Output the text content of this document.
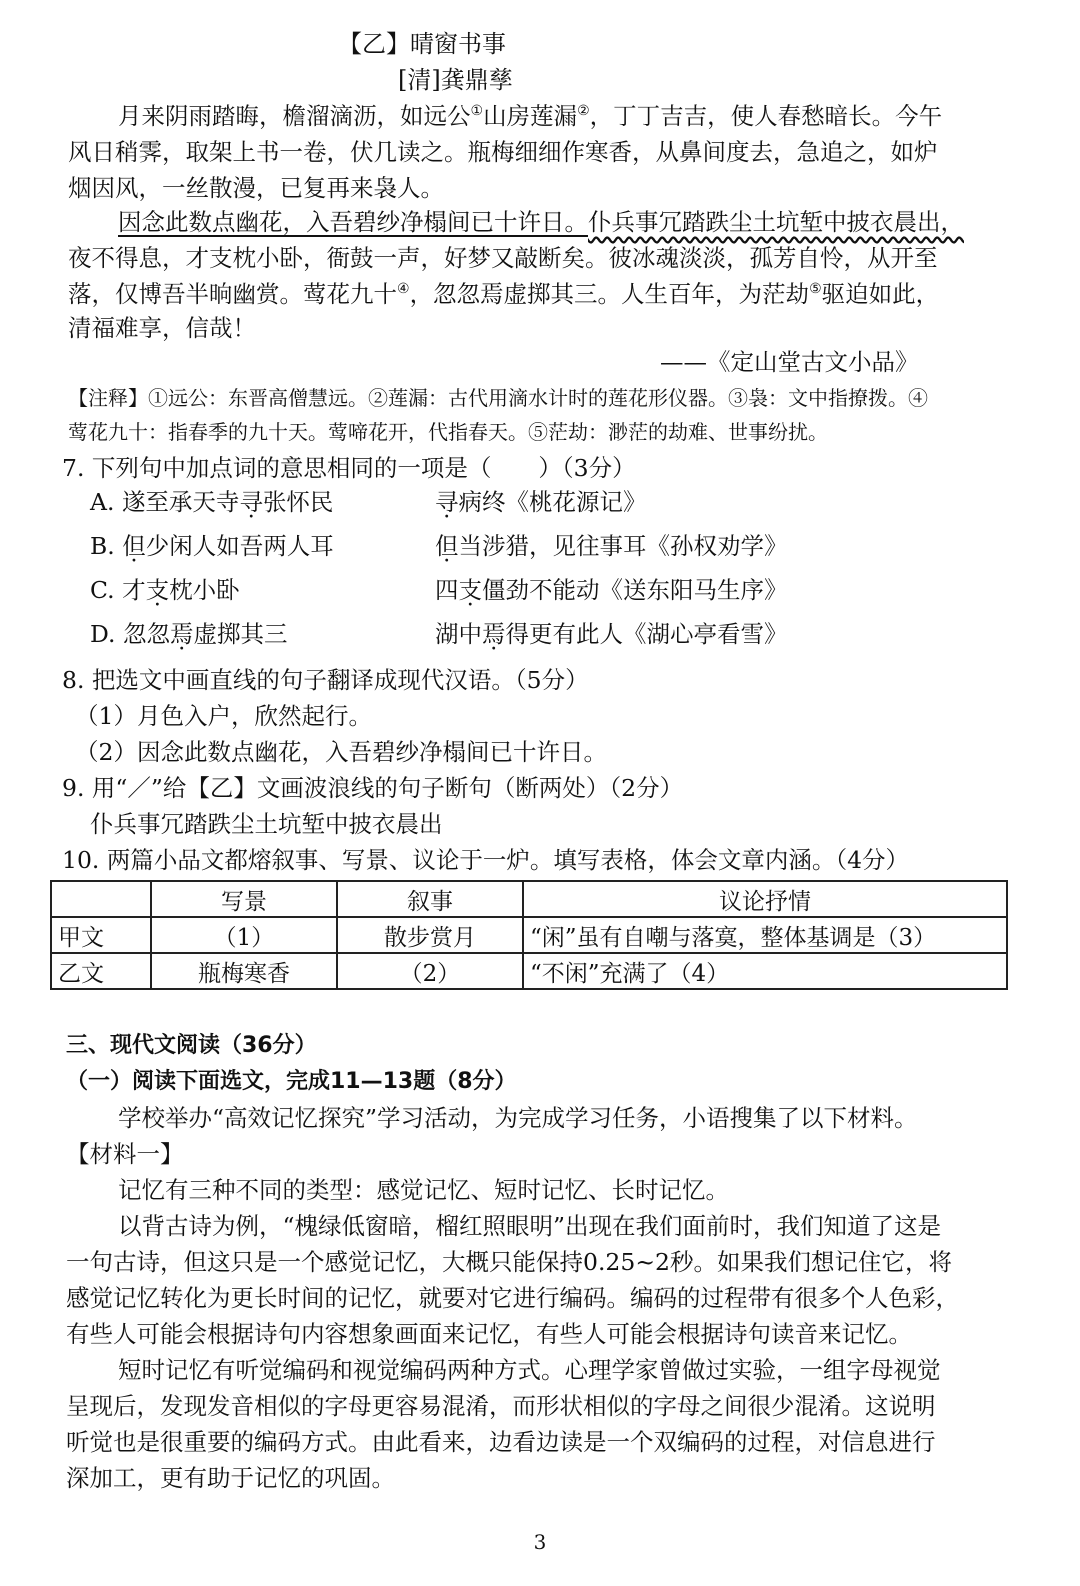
【乙】晴窗书事
[清]龚鼎孳
月来阴雨踏晦，檐溜滴沥，如远公①山房莲漏②，丁丁吉吉，使人春愁暗长。今午
风日稍霁，取架上书一卷，伏几读之。瓶梅细细作寒香，从鼻间度去，急追之，如炉
烟因风，一丝散漫，已复再来袅人。
因念此数点幽花，入吾碧纱净榻间已十许日。仆兵事冗踏跌尘土坑堑中披衣晨出，
夜不得息，才支枕小卧，衙鼓一声，好梦又敲断矣。彼冰魂淡淡，孤芳自怜，从开至
落，仅博吾半晌幽赏。莺花九十④，忽忽焉虚掷其三。人生百年，为茫劫⑤驱迫如此，
清福难享，信哉！
——《定山堂古文小品》
【注释】①远公：东晋高僧慧远。②莲漏：古代用滴水计时的莲花形仪器。③袅：文中指撩拨。④
莺花九十：指春季的九十天。莺啼花开，代指春天。⑤茫劫：渺茫的劫难、世事纷扰。
7. 下列句中加点词的意思相同的一项是（　　）（3分）
A. 遂至承天寺寻张怀民	寻病终《桃花源记》
B. 但少闲人如吾两人耳	但当涉猎，见往事耳《孙权劝学》
C. 才支枕小卧	四支僵劲不能动《送东阳马生序》
D. 忽忽焉虚掷其三	湖中焉得更有此人《湖心亭看雪》
8. 把选文中画直线的句子翻译成现代汉语。（5分）
（1）月色入户，欣然起行。
（2）因念此数点幽花，入吾碧纱净榻间已十许日。
9. 用“／”给【乙】文画波浪线的句子断句（断两处）（2分）
仆兵事冗踏跌尘土坑堑中披衣晨出
10. 两篇小品文都熔叙事、写景、议论于一炉。填写表格，体会文章内涵。（4分）
	写景	叙事	议论抒情
甲文	（1）	散步赏月	“闲”虽有自嘲与落寞，整体基调是（3）
乙文	瓶梅寒香	（2）	“不闲”充满了（4）
三、现代文阅读（36分）
（一）阅读下面选文，完成11—13题（8分）
学校举办“高效记忆探究”学习活动，为完成学习任务，小语搜集了以下材料。
【材料一】
记忆有三种不同的类型：感觉记忆、短时记忆、长时记忆。
以背古诗为例，“槐绿低窗暗，榴红照眼明”出现在我们面前时，我们知道了这是
一句古诗，但这只是一个感觉记忆，大概只能保持0.25~2秒。如果我们想记住它，将
感觉记忆转化为更长时间的记忆，就要对它进行编码。编码的过程带有很多个人色彩，
有些人可能会根据诗句内容想象画面来记忆，有些人可能会根据诗句读音来记忆。
短时记忆有听觉编码和视觉编码两种方式。心理学家曾做过实验，一组字母视觉
呈现后，发现发音相似的字母更容易混淆，而形状相似的字母之间很少混淆。这说明
听觉也是很重要的编码方式。由此看来，边看边读是一个双编码的过程，对信息进行
深加工，更有助于记忆的巩固。
3
